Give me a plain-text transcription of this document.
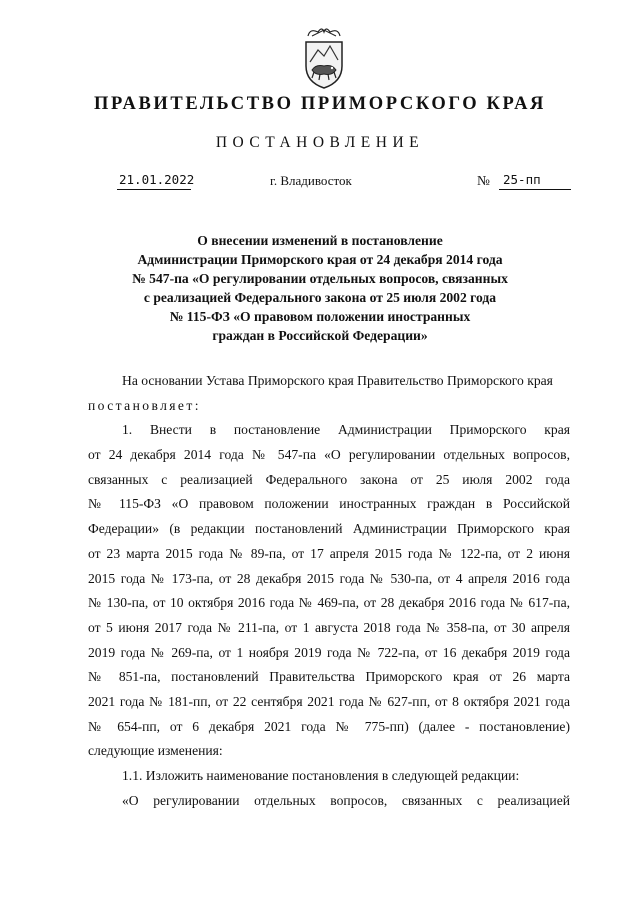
ПРАВИТЕЛЬСТВО ПРИМОРСКОГО КРАЯ
ПОСТАНОВЛЕНИЕ
21.01.2022	г. Владивосток	№	25-пп
О внесении изменений в постановление
Администрации Приморского края от 24 декабря 2014 года
№ 547-па «О регулировании отдельных вопросов, связанных
с реализацией Федерального закона от 25 июля 2002 года
№ 115-ФЗ «О правовом положении иностранных
граждан в Российской Федерации»
На основании Устава Приморского края Правительство Приморского края
постановляет:
1. Внести в постановление Администрации Приморского края
от 24 декабря 2014 года № 547-па «О регулировании отдельных вопросов,
связанных с реализацией Федерального закона от 25 июля 2002 года
№ 115-ФЗ «О правовом положении иностранных граждан в Российской
Федерации» (в редакции постановлений Администрации Приморского края
от 23 марта 2015 года № 89-па, от 17 апреля 2015 года № 122-па, от 2 июня
2015 года № 173-па, от 28 декабря 2015 года № 530-па, от 4 апреля 2016 года
№ 130-па, от 10 октября 2016 года № 469-па, от 28 декабря 2016 года № 617-па,
от 5 июня 2017 года № 211-па, от 1 августа 2018 года № 358-па, от 30 апреля
2019 года № 269-па, от 1 ноября 2019 года № 722-па, от 16 декабря 2019 года
№ 851-па, постановлений Правительства Приморского края от 26 марта
2021 года № 181-пп, от 22 сентября 2021 года № 627-пп, от 8 октября 2021 года
№ 654-пп, от 6 декабря 2021 года № 775-пп) (далее - постановление)
следующие изменения:
1.1. Изложить наименование постановления в следующей редакции:
«О регулировании отдельных вопросов, связанных с реализацией
